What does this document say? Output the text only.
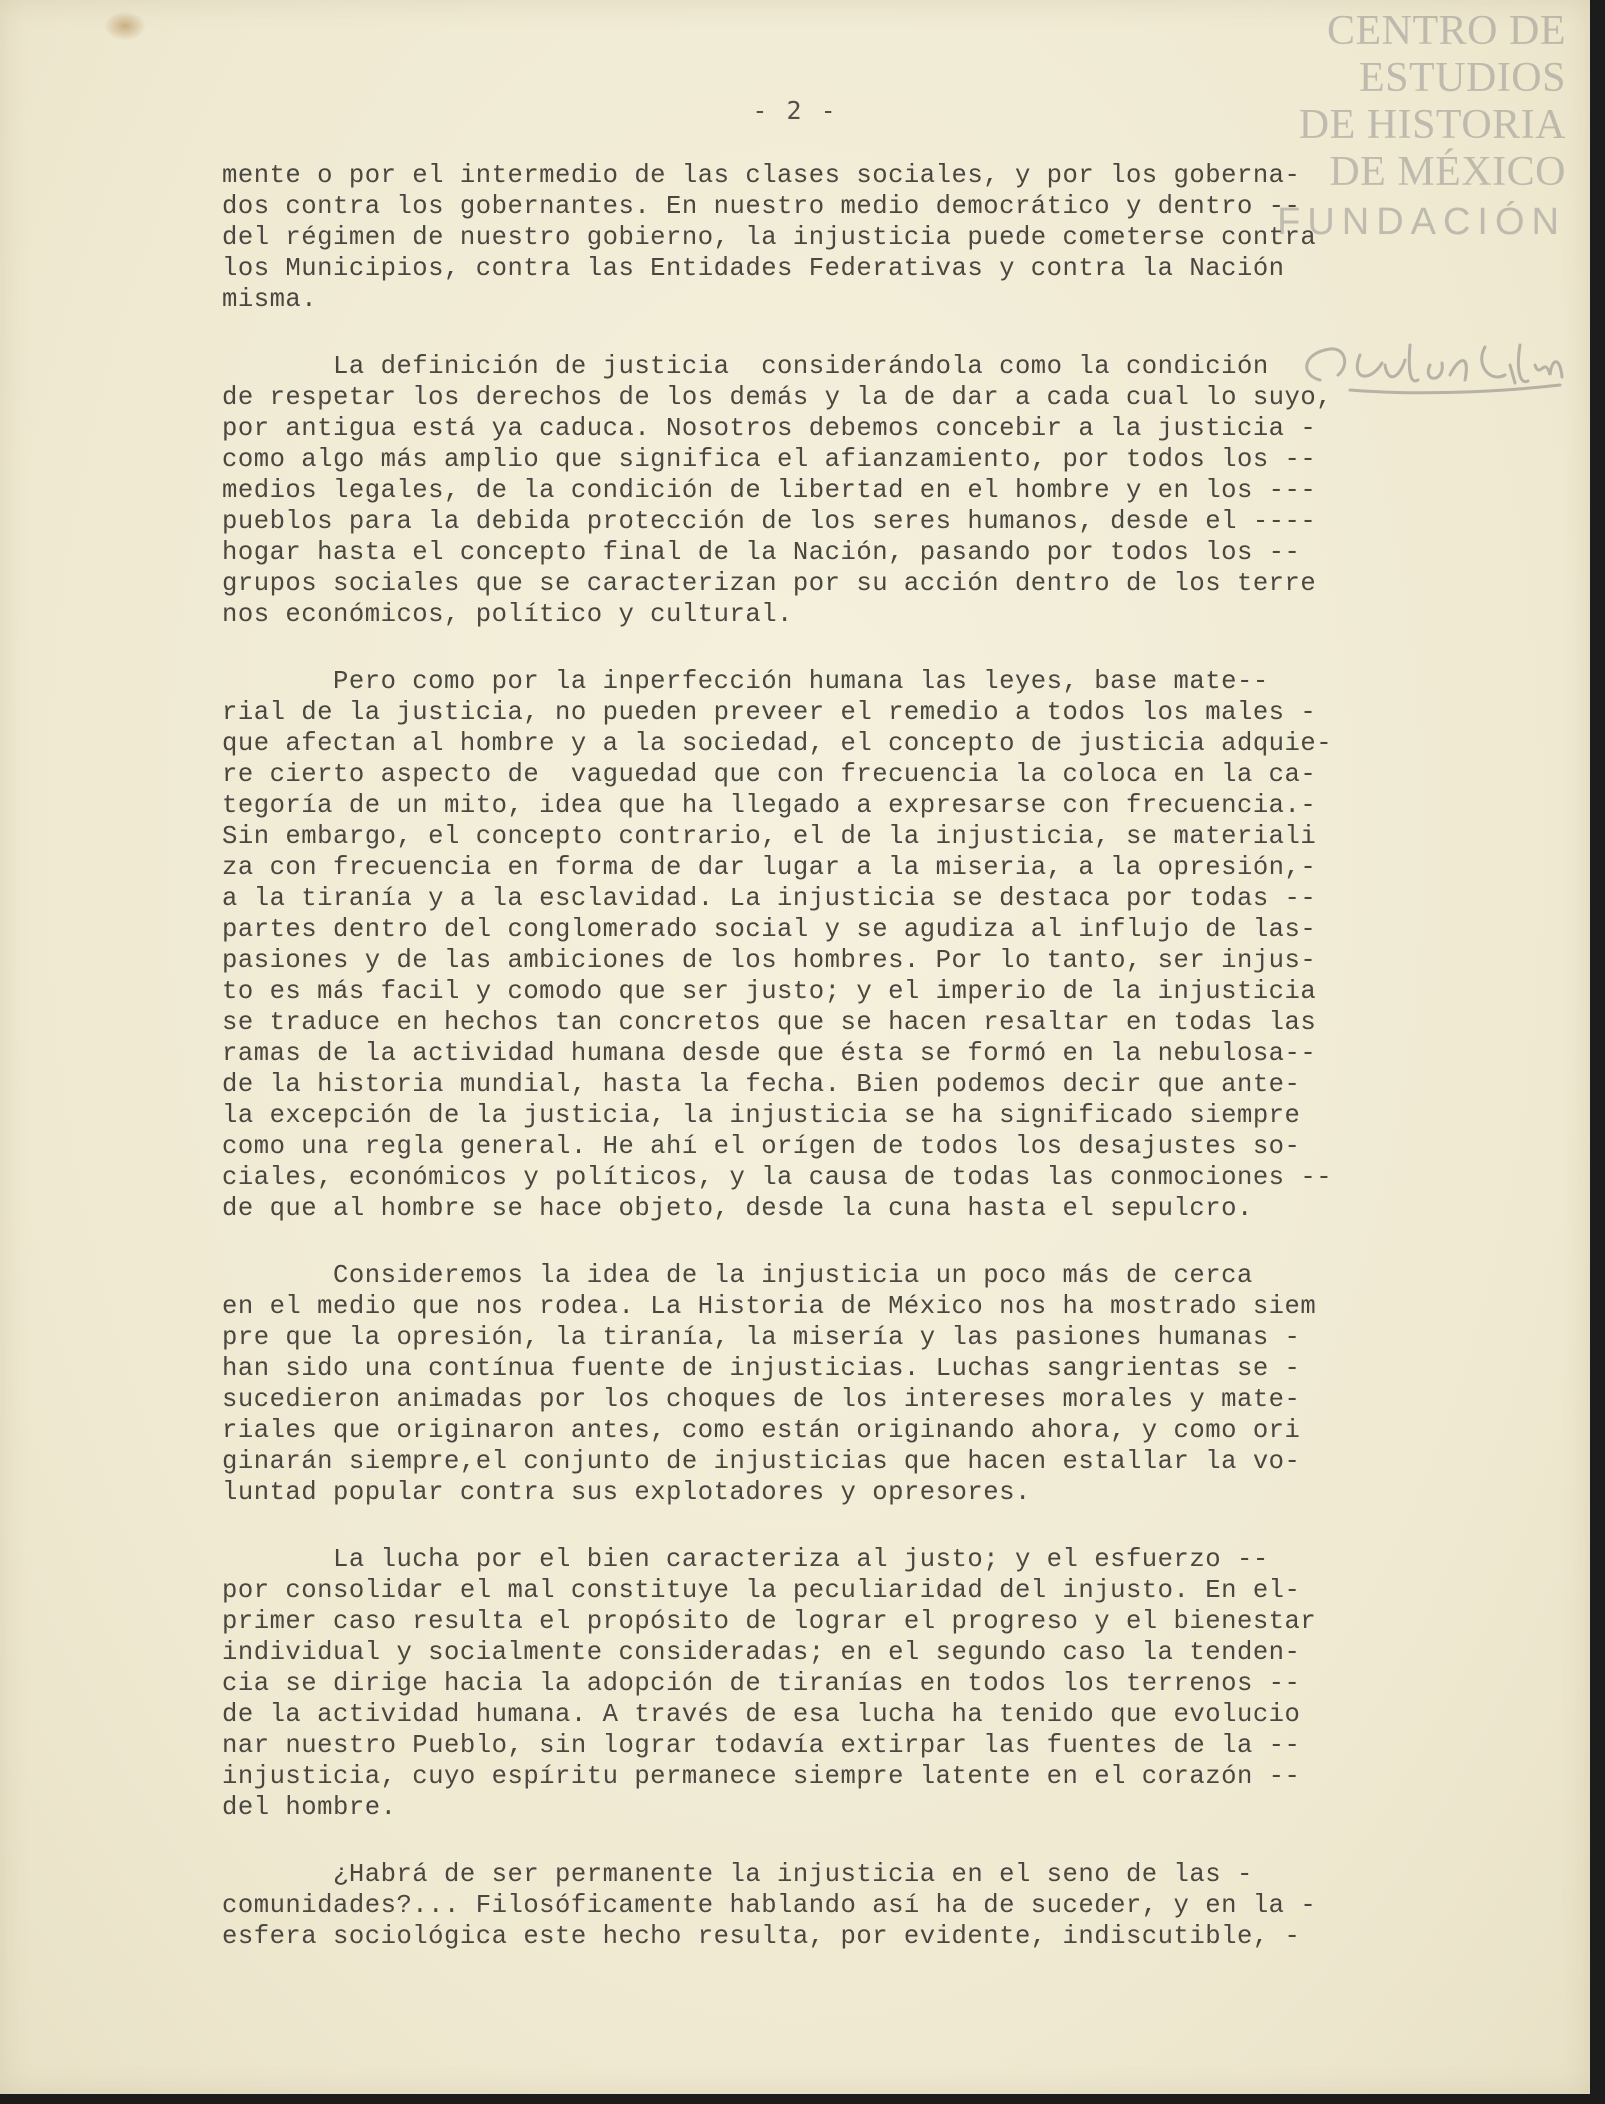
CENTRO DE
ESTUDIOS
DE HISTORIA
DE MÉXICO
FUNDACIÓN
- 2 -
mente o por el intermedio de las clases sociales, y por los goberna-
dos contra los gobernantes. En nuestro medio democrático y dentro --
del régimen de nuestro gobierno, la injusticia puede cometerse contra
los Municipios, contra las Entidades Federativas y contra la Nación
misma.
La definición de justicia  considerándola como la condición
de respetar los derechos de los demás y la de dar a cada cual lo suyo,
por antigua está ya caduca. Nosotros debemos concebir a la justicia -
como algo más amplio que significa el afianzamiento, por todos los --
medios legales, de la condición de libertad en el hombre y en los ---
pueblos para la debida protección de los seres humanos, desde el ----
hogar hasta el concepto final de la Nación, pasando por todos los --
grupos sociales que se caracterizan por su acción dentro de los terre
nos económicos, político y cultural.
Pero como por la inperfección humana las leyes, base mate--
rial de la justicia, no pueden preveer el remedio a todos los males -
que afectan al hombre y a la sociedad, el concepto de justicia adquie-
re cierto aspecto de  vaguedad que con frecuencia la coloca en la ca-
tegoría de un mito, idea que ha llegado a expresarse con frecuencia.-
Sin embargo, el concepto contrario, el de la injusticia, se materiali
za con frecuencia en forma de dar lugar a la miseria, a la opresión,-
a la tiranía y a la esclavidad. La injusticia se destaca por todas --
partes dentro del conglomerado social y se agudiza al influjo de las-
pasiones y de las ambiciones de los hombres. Por lo tanto, ser injus-
to es más facil y comodo que ser justo; y el imperio de la injusticia
se traduce en hechos tan concretos que se hacen resaltar en todas las
ramas de la actividad humana desde que ésta se formó en la nebulosa--
de la historia mundial, hasta la fecha. Bien podemos decir que ante-
la excepción de la justicia, la injusticia se ha significado siempre
como una regla general. He ahí el orígen de todos los desajustes so-
ciales, económicos y políticos, y la causa de todas las conmociones --
de que al hombre se hace objeto, desde la cuna hasta el sepulcro.
Consideremos la idea de la injusticia un poco más de cerca
en el medio que nos rodea. La Historia de México nos ha mostrado siem
pre que la opresión, la tiranía, la misería y las pasiones humanas -
han sido una contínua fuente de injusticias. Luchas sangrientas se -
sucedieron animadas por los choques de los intereses morales y mate-
riales que originaron antes, como están originando ahora, y como ori
ginarán siempre,el conjunto de injusticias que hacen estallar la vo-
luntad popular contra sus explotadores y opresores.
La lucha por el bien caracteriza al justo; y el esfuerzo --
por consolidar el mal constituye la peculiaridad del injusto. En el-
primer caso resulta el propósito de lograr el progreso y el bienestar
individual y socialmente consideradas; en el segundo caso la tenden-
cia se dirige hacia la adopción de tiranías en todos los terrenos --
de la actividad humana. A través de esa lucha ha tenido que evolucio
nar nuestro Pueblo, sin lograr todavía extirpar las fuentes de la --
injusticia, cuyo espíritu permanece siempre latente en el corazón --
del hombre.
¿Habrá de ser permanente la injusticia en el seno de las -
comunidades?... Filosóficamente hablando así ha de suceder, y en la -
esfera sociológica este hecho resulta, por evidente, indiscutible, -
